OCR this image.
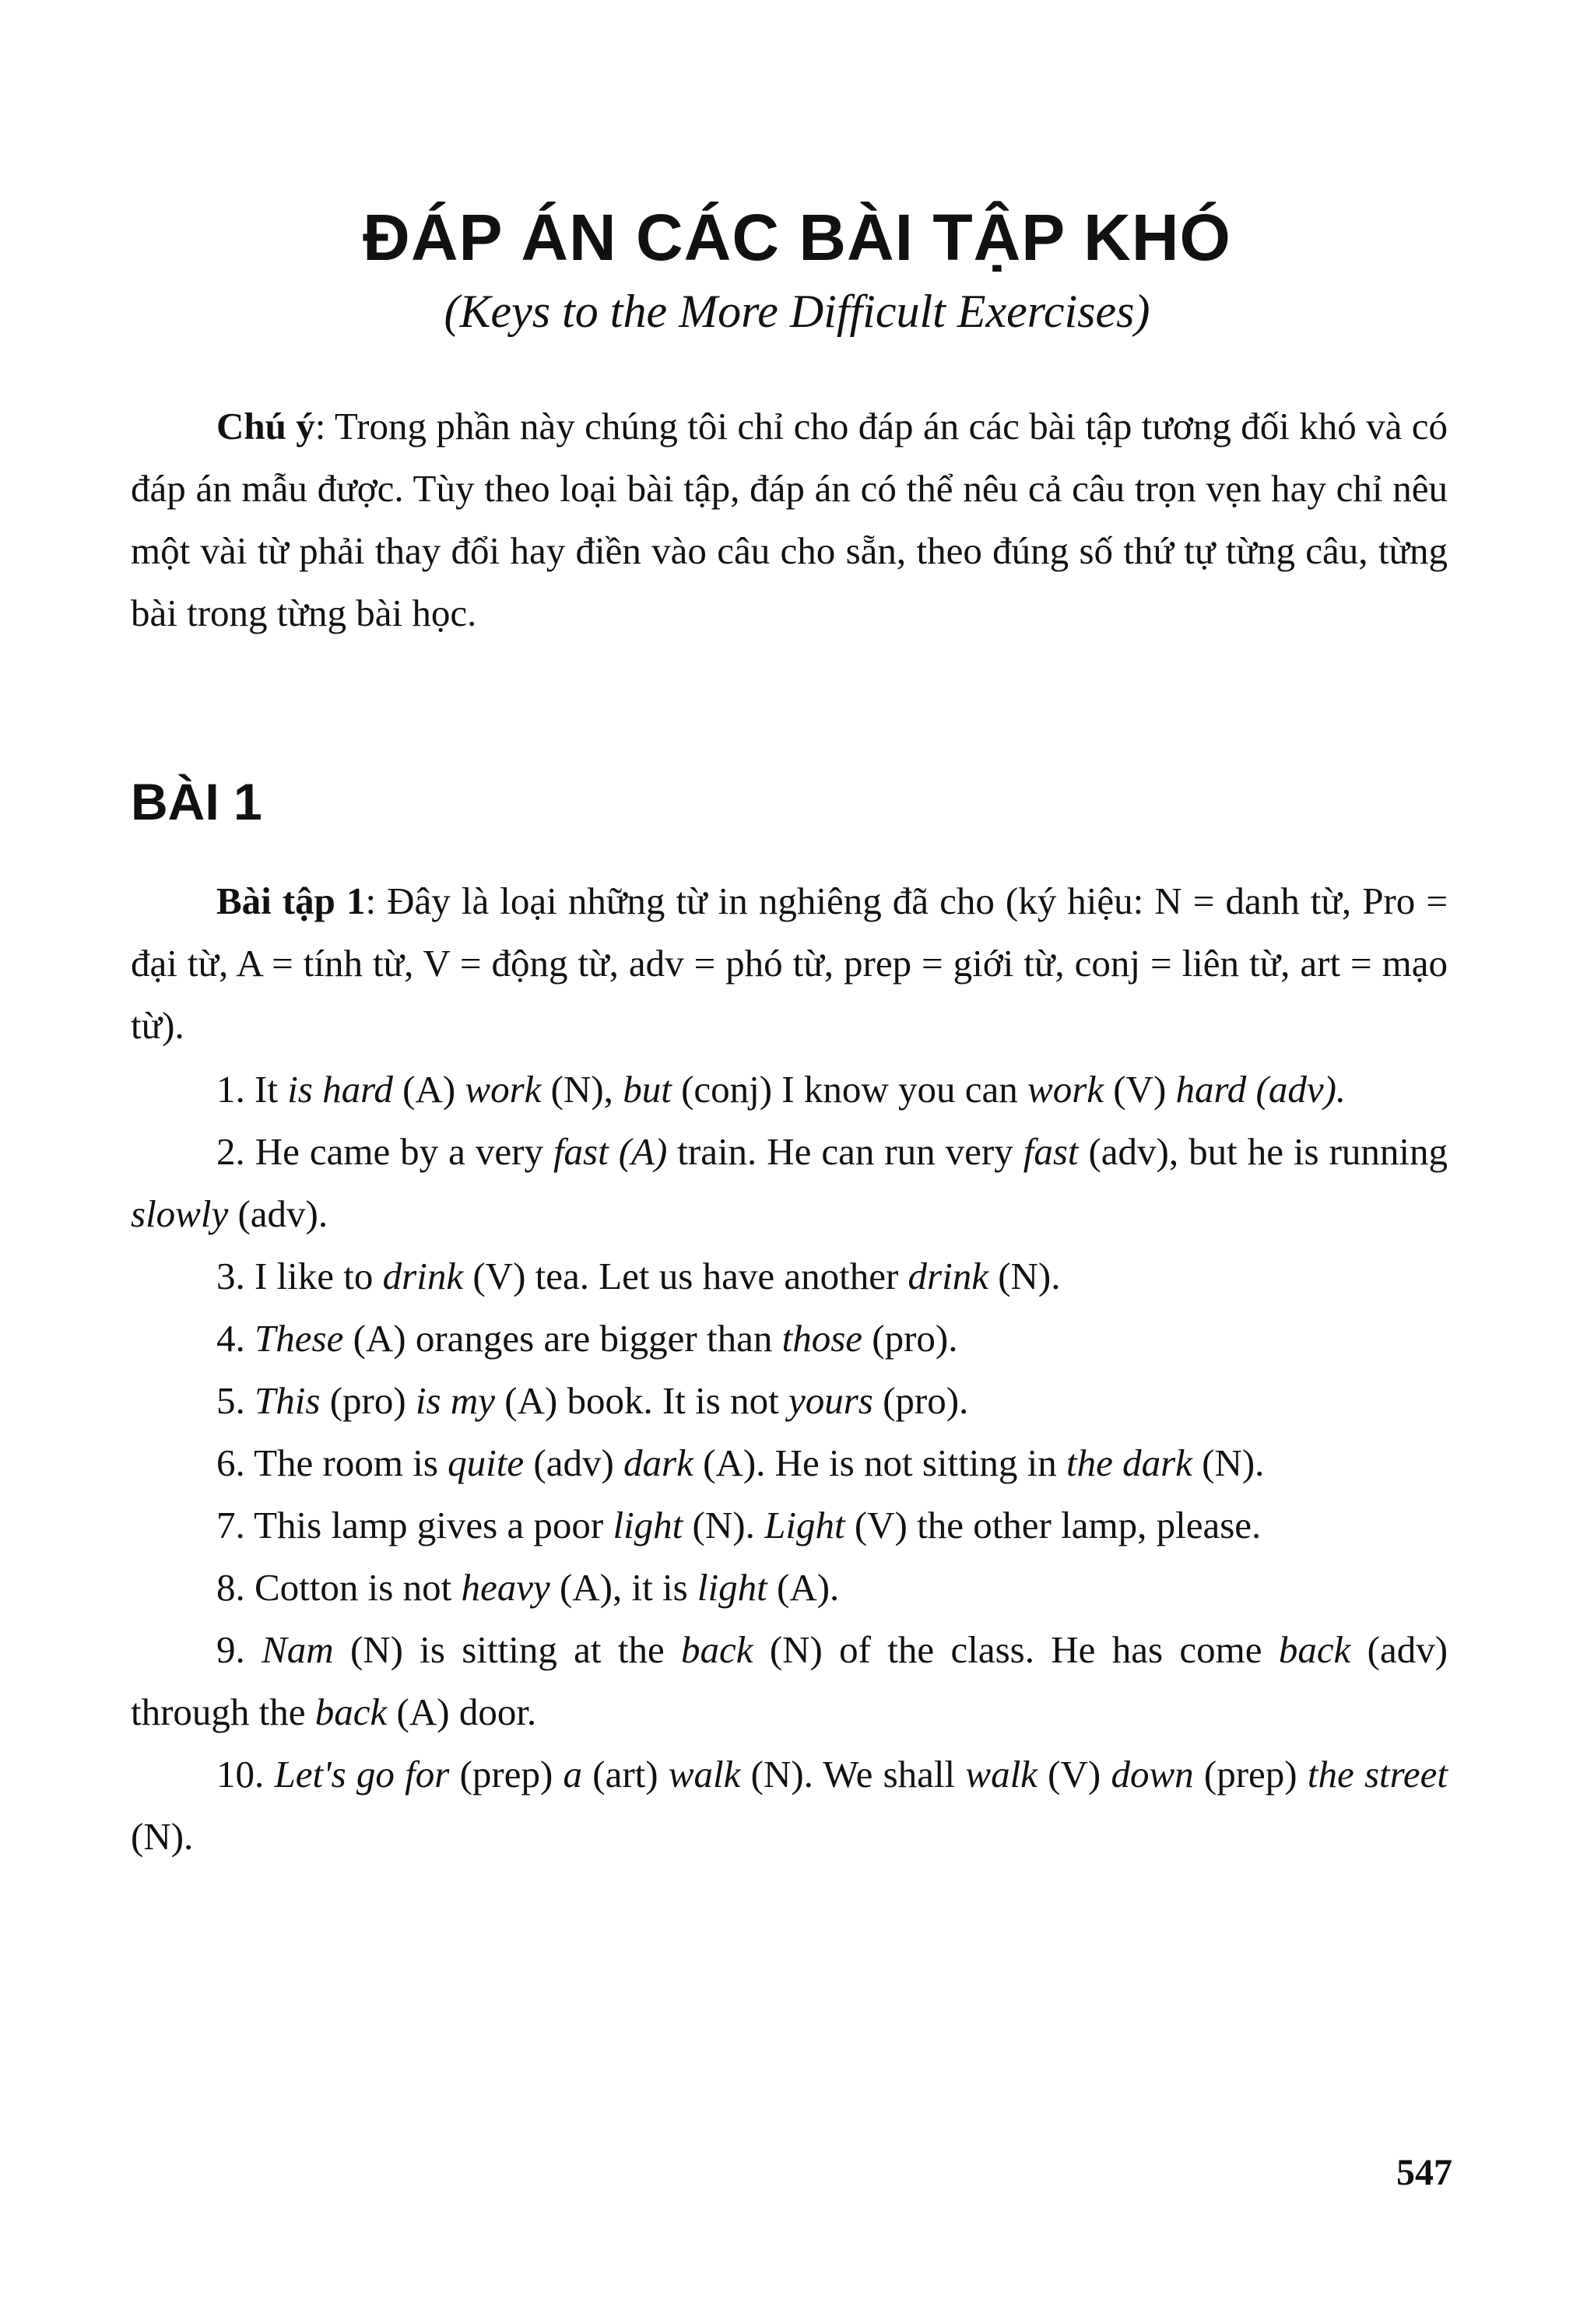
ĐÁP ÁN CÁC BÀI TẬP KHÓ
(Keys to the More Difficult Exercises)

Chú ý: Trong phần này chúng tôi chỉ cho đáp án các bài tập tương đối khó và có đáp án mẫu được. Tùy theo loại bài tập, đáp án có thể nêu cả câu trọn vẹn hay chỉ nêu một vài từ phải thay đổi hay điền vào câu cho sẵn, theo đúng số thứ tự từng câu, từng bài trong từng bài học.

BÀI 1

Bài tập 1: Đây là loại những từ in nghiêng đã cho (ký hiệu: N = danh từ, Pro = đại từ, A = tính từ, V = động từ, adv = phó từ, prep = giới từ, conj = liên từ, art = mạo từ).

1. It is hard (A) work (N), but (conj) I know you can work (V) hard (adv).
2. He came by a very fast (A) train. He can run very fast (adv), but he is running slowly (adv).
3. I like to drink (V) tea. Let us have another drink (N).
4. These (A) oranges are bigger than those (pro).
5. This (pro) is my (A) book. It is not yours (pro).
6. The room is quite (adv) dark (A). He is not sitting in the dark (N).
7. This lamp gives a poor light (N). Light (V) the other lamp, please.
8. Cotton is not heavy (A), it is light (A).
9. Nam (N) is sitting at the back (N) of the class. He has come back (adv) through the back (A) door.
10. Let's go for (prep) a (art) walk (N). We shall walk (V) down (prep) the street (N).
547
